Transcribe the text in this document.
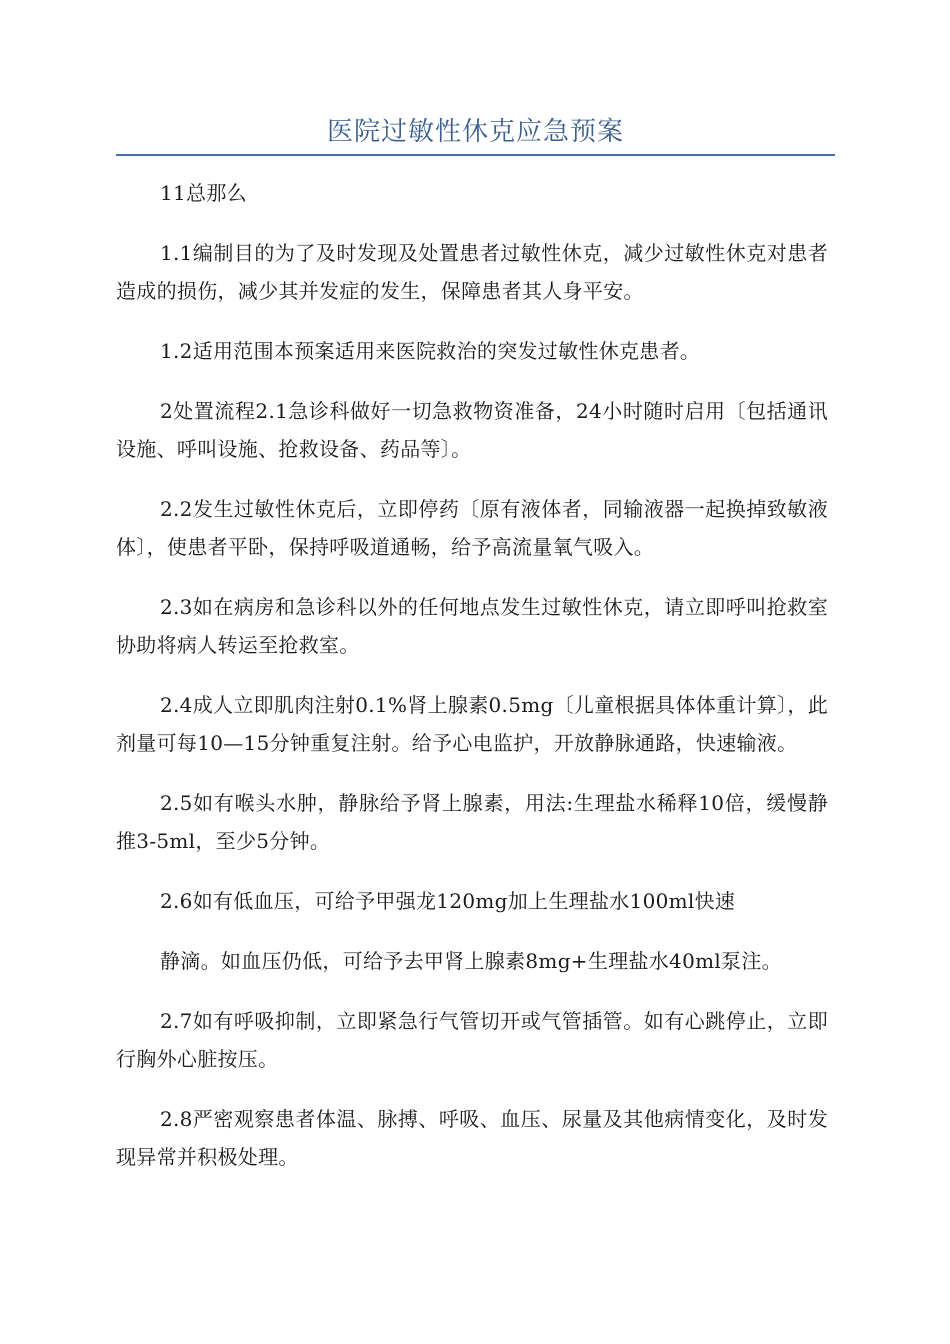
医院过敏性休克应急预案

11总那么

1.1编制目的为了及时发现及处置患者过敏性休克，减少过敏性休克对患者造成的损伤，减少其并发症的发生，保障患者其人身平安。

1.2适用范围本预案适用来医院救治的突发过敏性休克患者。

2处置流程2.1急诊科做好一切急救物资准备，24小时随时启用〔包括通讯设施、呼叫设施、抢救设备、药品等〕。

2.2发生过敏性休克后，立即停药〔原有液体者，同输液器一起换掉致敏液体〕，使患者平卧，保持呼吸道通畅，给予高流量氧气吸入。

2.3如在病房和急诊科以外的任何地点发生过敏性休克，请立即呼叫抢救室协助将病人转运至抢救室。

2.4成人立即肌肉注射0.1%肾上腺素0.5mg〔儿童根据具体体重计算〕，此剂量可每10—15分钟重复注射。给予心电监护，开放静脉通路，快速输液。

2.5如有喉头水肿，静脉给予肾上腺素，用法:生理盐水稀释10倍，缓慢静推3-5ml，至少5分钟。

2.6如有低血压，可给予甲强龙120mg加上生理盐水100ml快速

静滴。如血压仍低，可给予去甲肾上腺素8mg+生理盐水40ml泵注。

2.7如有呼吸抑制，立即紧急行气管切开或气管插管。如有心跳停止，立即行胸外心脏按压。

2.8严密观察患者体温、脉搏、呼吸、血压、尿量及其他病情变化，及时发现异常并积极处理。
